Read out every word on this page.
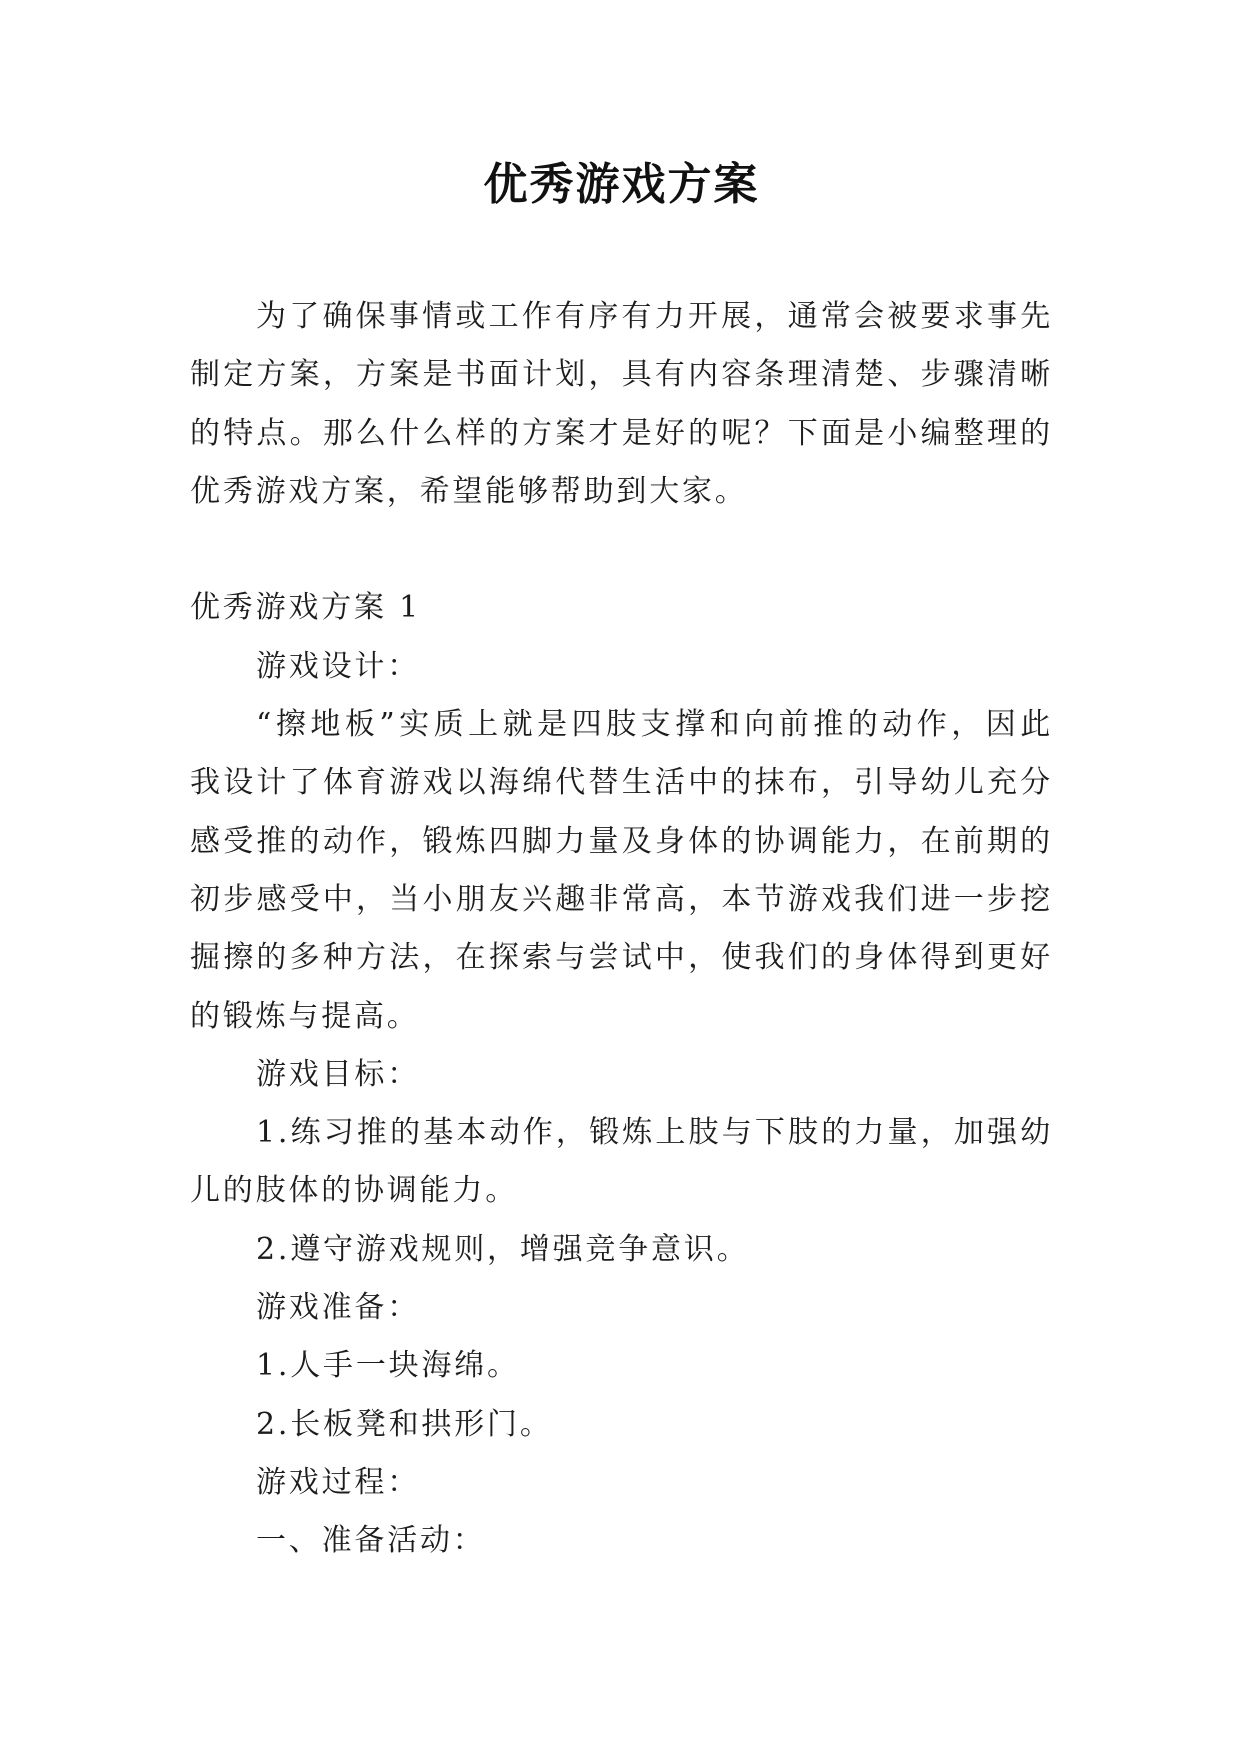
优秀游戏方案
为了确保事情或工作有序有力开展，通常会被要求事先
制定方案，方案是书面计划，具有内容条理清楚、步骤清晰
的特点。那么什么样的方案才是好的呢？下面是小编整理的
优秀游戏方案，希望能够帮助到大家。
优秀游戏方案 1
游戏设计：
“擦地板”实质上就是四肢支撑和向前推的动作，因此
我设计了体育游戏以海绵代替生活中的抹布，引导幼儿充分
感受推的动作，锻炼四脚力量及身体的协调能力，在前期的
初步感受中，当小朋友兴趣非常高，本节游戏我们进一步挖
掘擦的多种方法，在探索与尝试中，使我们的身体得到更好
的锻炼与提高。
游戏目标：
1.练习推的基本动作，锻炼上肢与下肢的力量，加强幼
儿的肢体的协调能力。
2.遵守游戏规则，增强竞争意识。
游戏准备：
1.人手一块海绵。
2.长板凳和拱形门。
游戏过程：
一、准备活动：
